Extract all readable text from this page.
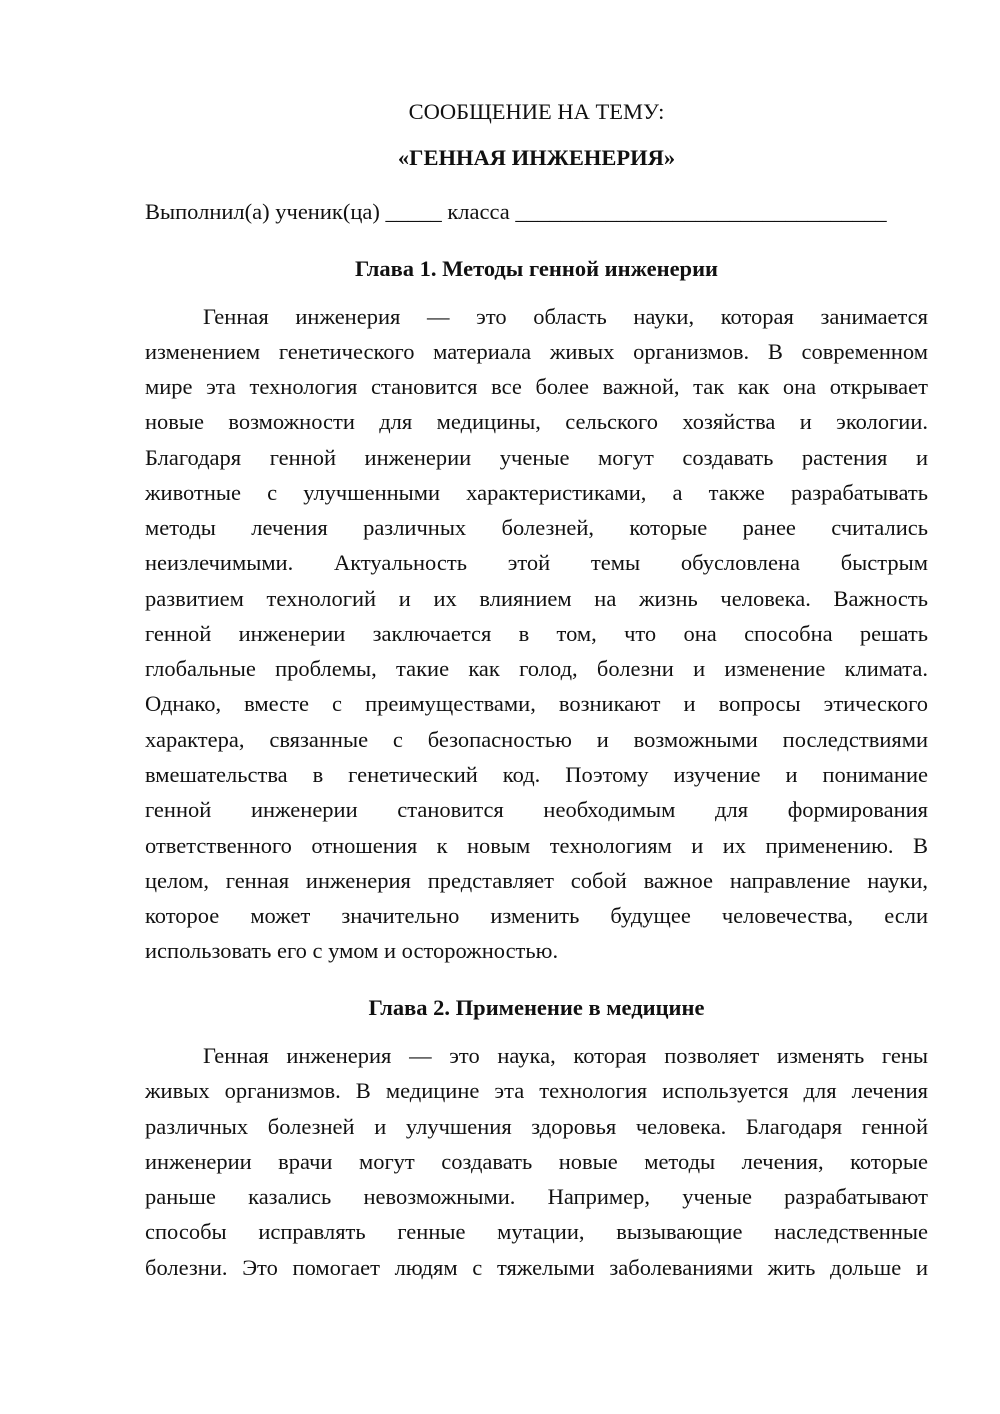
СООБЩЕНИЕ НА ТЕМУ:
«ГЕННАЯ ИНЖЕНЕРИЯ»
Выполнил(а) ученик(ца) _____ класса _________________________________
Глава 1. Методы генной инженерии
Генная инженерия — это область науки, которая занимается
изменением генетического материала живых организмов. В современном
мире эта технология становится все более важной, так как она открывает
новые возможности для медицины, сельского хозяйства и экологии.
Благодаря генной инженерии ученые могут создавать растения и
животные с улучшенными характеристиками, а также разрабатывать
методы лечения различных болезней, которые ранее считались
неизлечимыми. Актуальность этой темы обусловлена быстрым
развитием технологий и их влиянием на жизнь человека. Важность
генной инженерии заключается в том, что она способна решать
глобальные проблемы, такие как голод, болезни и изменение климата.
Однако, вместе с преимуществами, возникают и вопросы этического
характера, связанные с безопасностью и возможными последствиями
вмешательства в генетический код. Поэтому изучение и понимание
генной инженерии становится необходимым для формирования
ответственного отношения к новым технологиям и их применению. В
целом, генная инженерия представляет собой важное направление науки,
которое может значительно изменить будущее человечества, если
использовать его с умом и осторожностью.
Глава 2. Применение в медицине
Генная инженерия — это наука, которая позволяет изменять гены
живых организмов. В медицине эта технология используется для лечения
различных болезней и улучшения здоровья человека. Благодаря генной
инженерии врачи могут создавать новые методы лечения, которые
раньше казались невозможными. Например, ученые разрабатывают
способы исправлять генные мутации, вызывающие наследственные
болезни. Это помогает людям с тяжелыми заболеваниями жить дольше и
